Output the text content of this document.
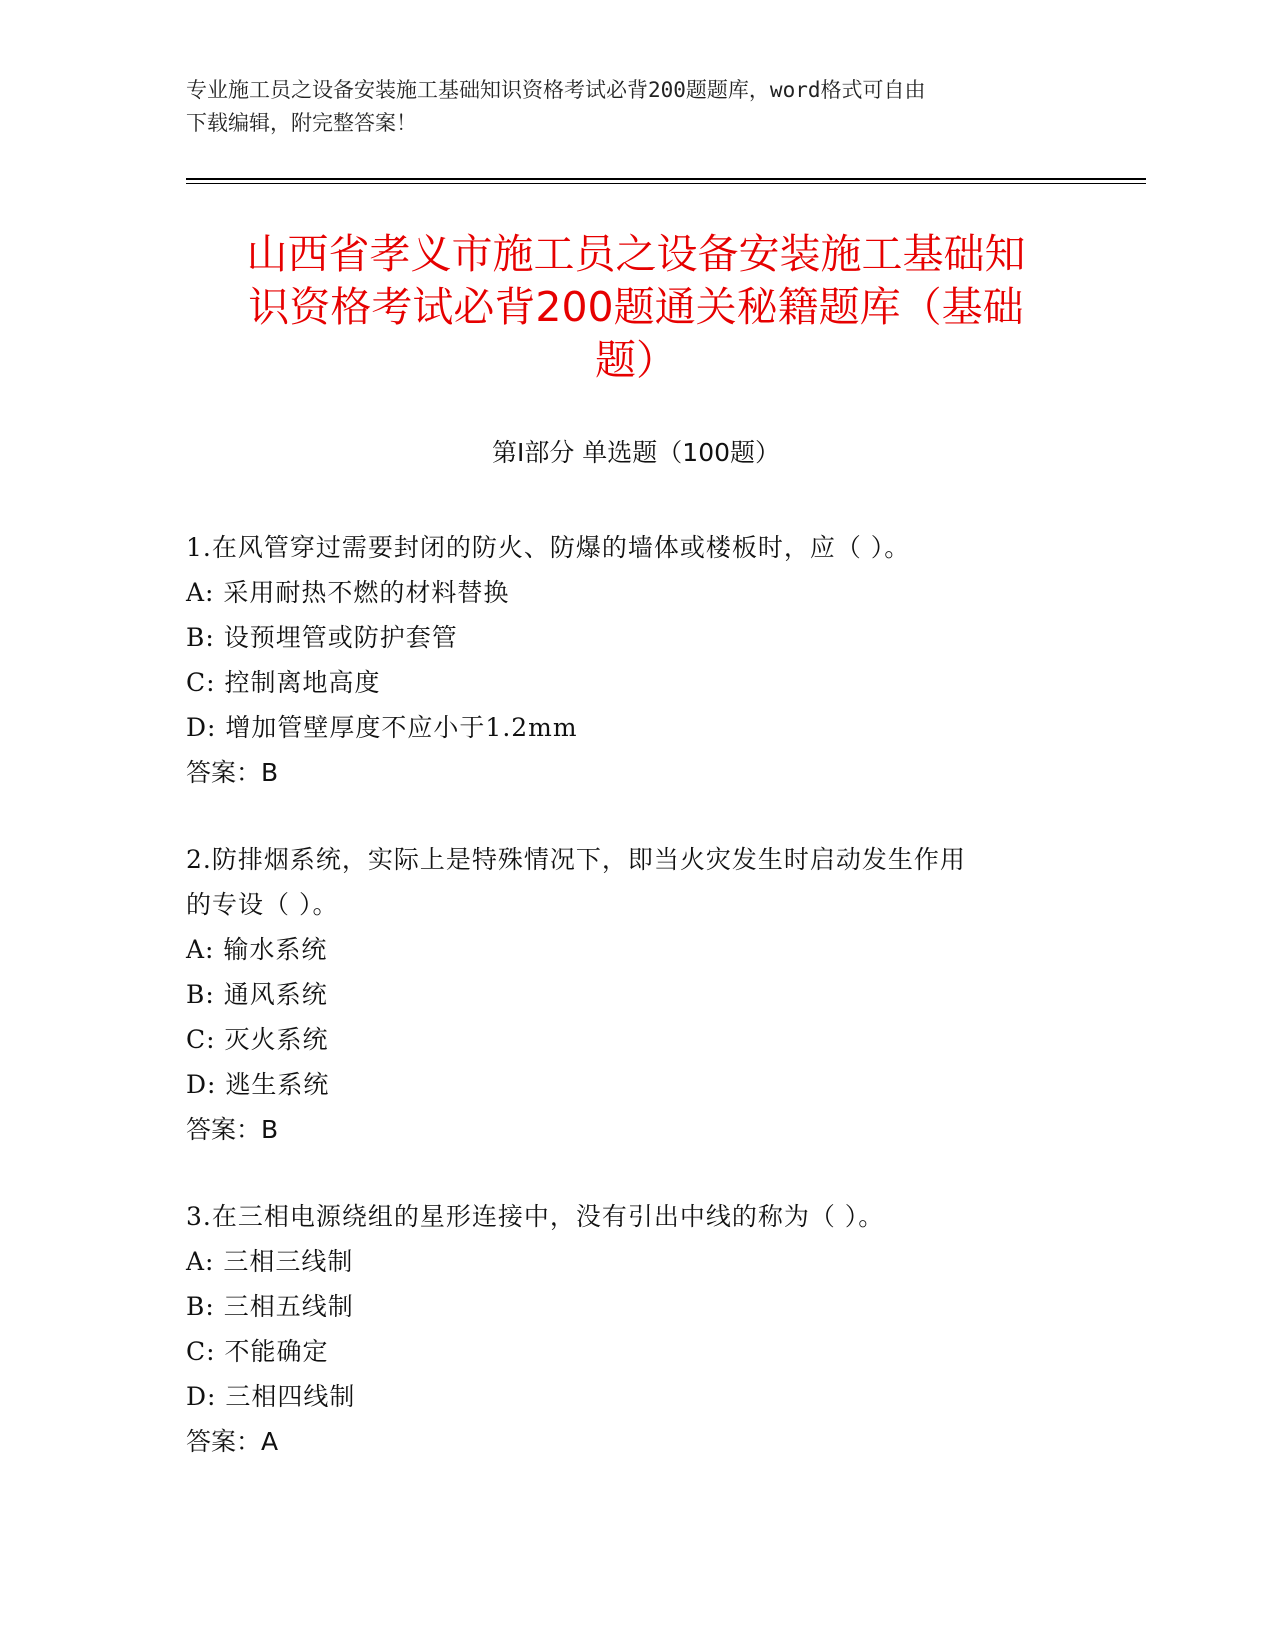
专业施工员之设备安装施工基础知识资格考试必背200题题库，word格式可自由
下载编辑，附完整答案！
山西省孝义市施工员之设备安装施工基础知
识资格考试必背200题通关秘籍题库（基础
题）
第Ⅰ部分 单选题（100题）
1.在风管穿过需要封闭的防火、防爆的墙体或楼板时，应（ ）。
A: 采用耐热不燃的材料替换
B: 设预埋管或防护套管
C: 控制离地高度
D: 增加管壁厚度不应小于1.2mm
答案：B
2.防排烟系统，实际上是特殊情况下，即当火灾发生时启动发生作用
的专设（ ）。
A: 输水系统
B: 通风系统
C: 灭火系统
D: 逃生系统
答案：B
3.在三相电源绕组的星形连接中，没有引出中线的称为（ ）。
A: 三相三线制
B: 三相五线制
C: 不能确定
D: 三相四线制
答案：A
